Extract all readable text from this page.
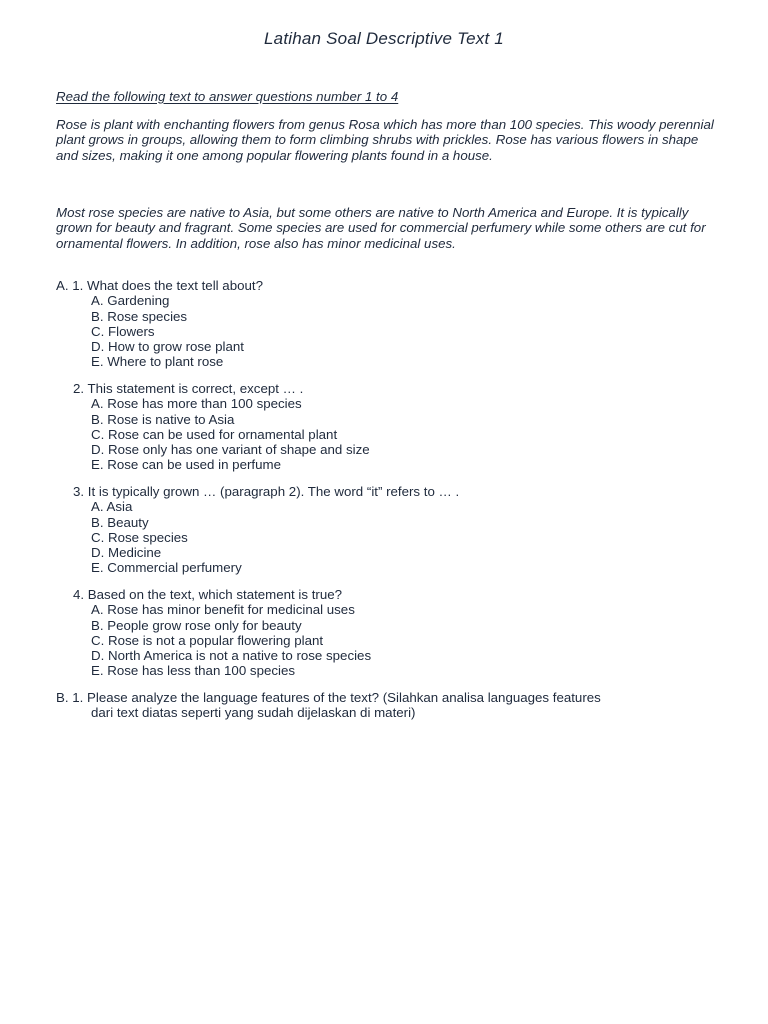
Latihan Soal Descriptive Text 1
Read the following text to answer questions number 1 to 4
Rose is plant with enchanting flowers from genus Rosa which has more than 100 species. This woody perennial plant grows in groups, allowing them to form climbing shrubs with prickles. Rose has various flowers in shape and sizes, making it one among popular flowering plants found in a house.
Most rose species are native to Asia, but some others are native to North America and Europe. It is typically grown for beauty and fragrant. Some species are used for commercial perfumery while some others are cut for ornamental flowers. In addition, rose also has minor medicinal uses.
A. 1. What does the text tell about?
A. Gardening
B. Rose species
C. Flowers
D. How to grow rose plant
E. Where to plant rose
2. This statement is correct, except … .
A. Rose has more than 100 species
B. Rose is native to Asia
C. Rose can be used for ornamental plant
D. Rose only has one variant of shape and size
E. Rose can be used in perfume
3. It is typically grown … (paragraph 2). The word “it” refers to … .
A. Asia
B. Beauty
C. Rose species
D. Medicine
E. Commercial perfumery
4. Based on the text, which statement is true?
A. Rose has minor benefit for medicinal uses
B. People grow rose only for beauty
C. Rose is not a popular flowering plant
D. North America is not a native to rose species
E. Rose has less than 100 species
B. 1. Please analyze the language features of the text? (Silahkan analisa languages features
dari text diatas seperti yang sudah dijelaskan di materi)
